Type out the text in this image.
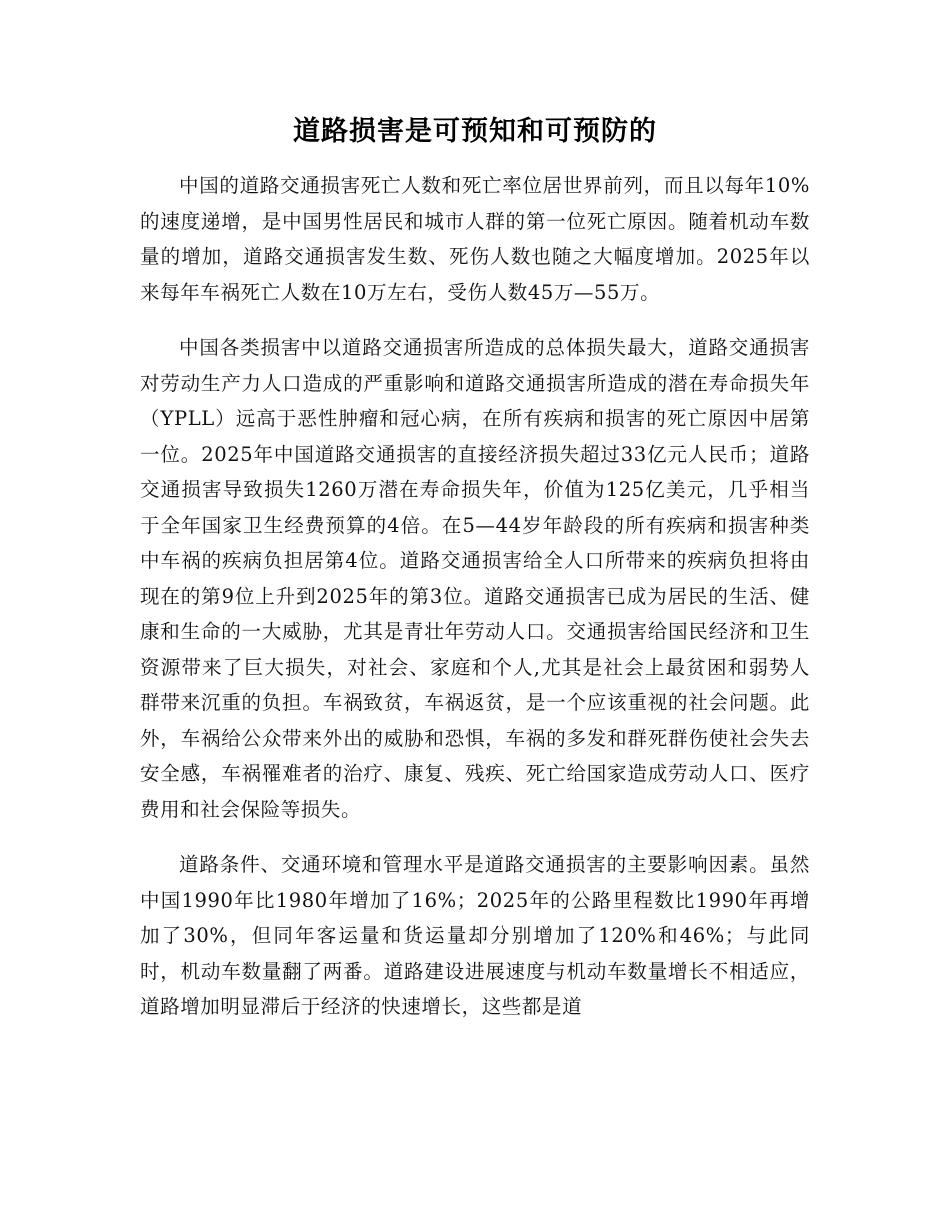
道路损害是可预知和可预防的

中国的道路交通损害死亡人数和死亡率位居世界前列，而且以每年10%的速度递增，是中国男性居民和城市人群的第一位死亡原因。随着机动车数量的增加，道路交通损害发生数、死伤人数也随之大幅度增加。2025年以来每年车祸死亡人数在10万左右，受伤人数45万—55万。

中国各类损害中以道路交通损害所造成的总体损失最大，道路交通损害对劳动生产力人口造成的严重影响和道路交通损害所造成的潜在寿命损失年（YPLL）远高于恶性肿瘤和冠心病，在所有疾病和损害的死亡原因中居第一位。2025年中国道路交通损害的直接经济损失超过33亿元人民币；道路交通损害导致损失1260万潜在寿命损失年，价值为125亿美元，几乎相当于全年国家卫生经费预算的4倍。在5—44岁年龄段的所有疾病和损害种类中车祸的疾病负担居第4位。道路交通损害给全人口所带来的疾病负担将由现在的第9位上升到2025年的第3位。道路交通损害已成为居民的生活、健康和生命的一大威胁，尤其是青壮年劳动人口。交通损害给国民经济和卫生资源带来了巨大损失，对社会、家庭和个人,尤其是社会上最贫困和弱势人群带来沉重的负担。车祸致贫，车祸返贫，是一个应该重视的社会问题。此外，车祸给公众带来外出的威胁和恐惧，车祸的多发和群死群伤使社会失去安全感，车祸罹难者的治疗、康复、残疾、死亡给国家造成劳动人口、医疗费用和社会保险等损失。

道路条件、交通环境和管理水平是道路交通损害的主要影响因素。虽然中国1990年比1980年增加了16%；2025年的公路里程数比1990年再增加了30%，但同年客运量和货运量却分别增加了120%和46%；与此同时，机动车数量翻了两番。道路建设进展速度与机动车数量增长不相适应，道路增加明显滞后于经济的快速增长，这些都是道
